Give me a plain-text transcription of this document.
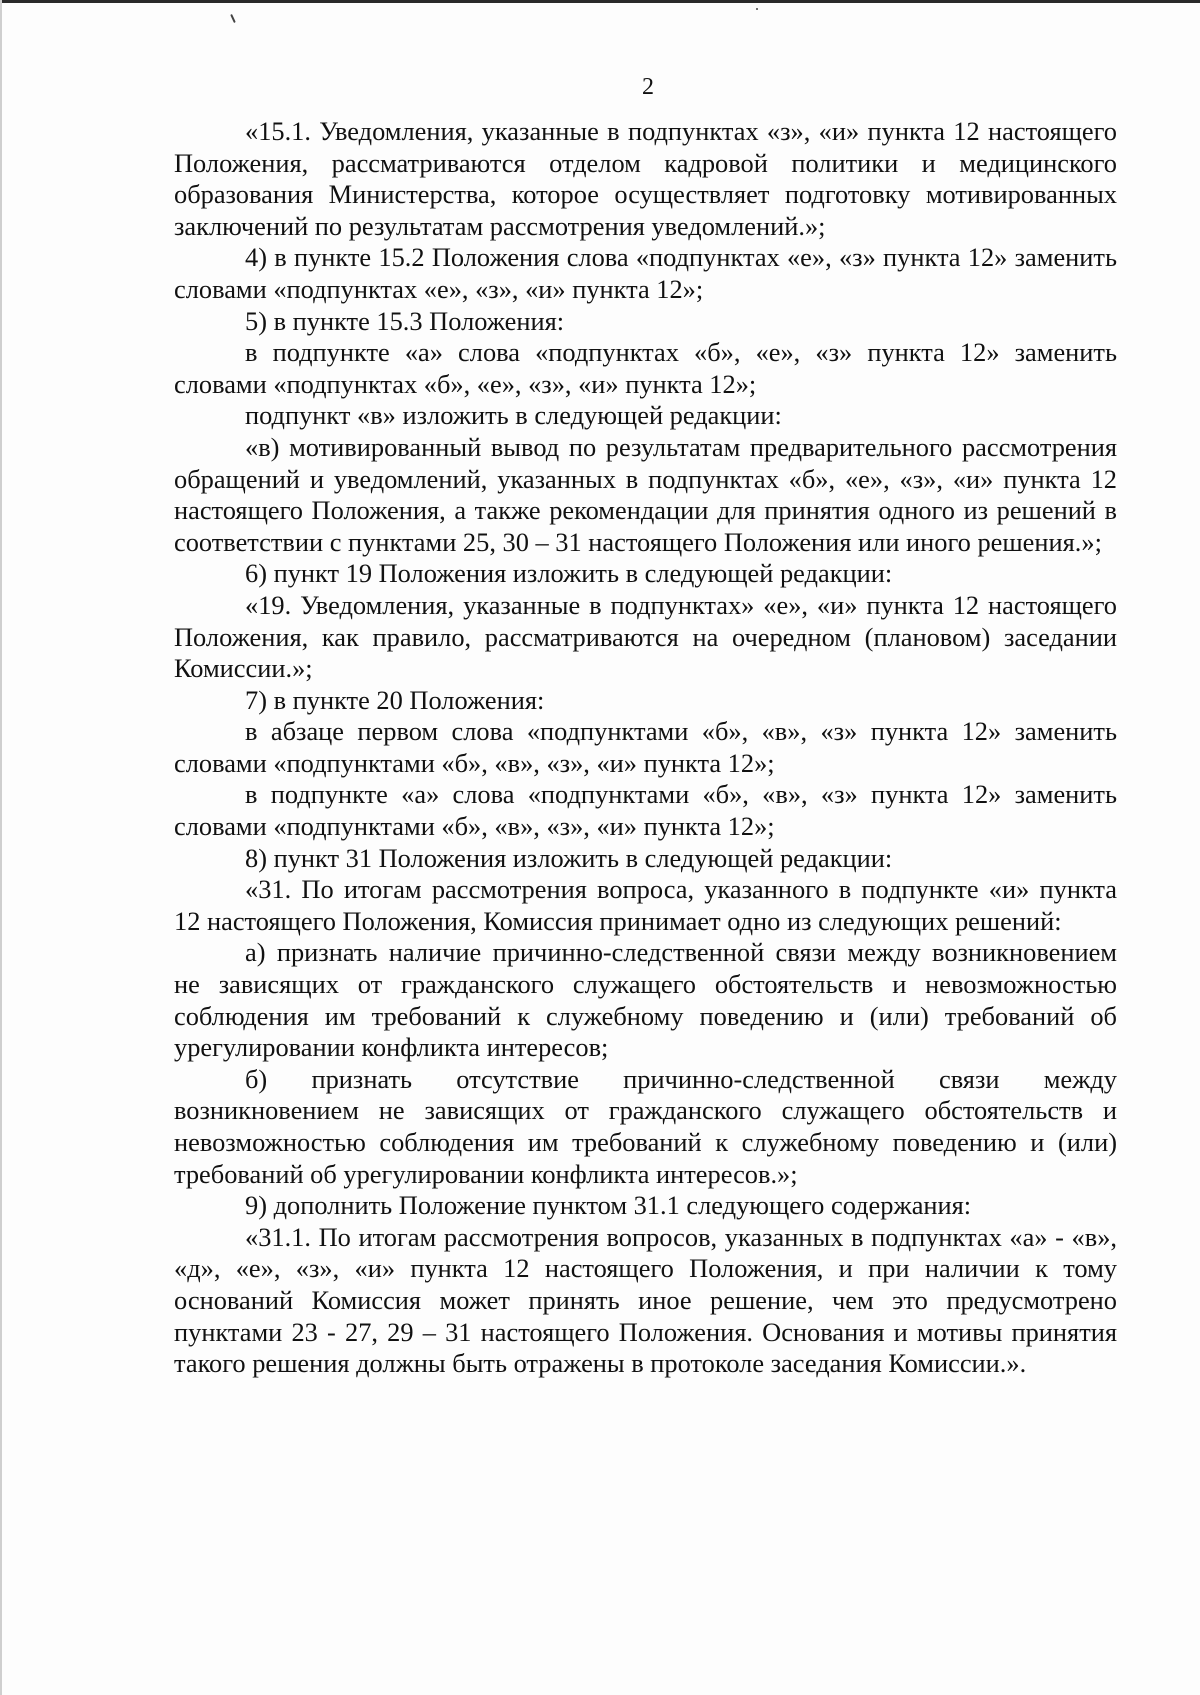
2

«15.1. Уведомления, указанные в подпунктах «з», «и» пункта 12 настоящего Положения, рассматриваются отделом кадровой политики и медицинского образования Министерства, которое осуществляет подготовку мотивированных заключений по результатам рассмотрения уведомлений.»;

4) в пункте 15.2 Положения слова «подпунктах «е», «з» пункта 12» заменить словами «подпунктах «е», «з», «и» пункта 12»;

5) в пункте 15.3 Положения:

в подпункте «а» слова «подпунктах «б», «е», «з» пункта 12» заменить словами «подпунктах «б», «е», «з», «и» пункта 12»;

подпункт «в» изложить в следующей редакции:

«в) мотивированный вывод по результатам предварительного рассмотрения обращений и уведомлений, указанных в подпунктах «б», «е», «з», «и» пункта 12 настоящего Положения, а также рекомендации для принятия одного из решений в соответствии с пунктами 25, 30 – 31 настоящего Положения или иного решения.»;

6) пункт 19 Положения изложить в следующей редакции:

«19. Уведомления, указанные в подпунктах» «е», «и» пункта 12 настоящего Положения, как правило, рассматриваются на очередном (плановом) заседании Комиссии.»;

7) в пункте 20 Положения:

в абзаце первом слова «подпунктами «б», «в», «з» пункта 12» заменить словами «подпунктами «б», «в», «з», «и» пункта 12»;

в подпункте «а» слова «подпунктами «б», «в», «з» пункта 12» заменить словами «подпунктами «б», «в», «з», «и» пункта 12»;

8) пункт 31 Положения изложить в следующей редакции:

«31. По итогам рассмотрения вопроса, указанного в подпункте «и» пункта 12 настоящего Положения, Комиссия принимает одно из следующих решений:

а) признать наличие причинно-следственной связи между возникновением не зависящих от гражданского служащего обстоятельств и невозможностью соблюдения им требований к служебному поведению и (или) требований об урегулировании конфликта интересов;

б) признать отсутствие причинно-следственной связи между возникновением не зависящих от гражданского служащего обстоятельств и невозможностью соблюдения им требований к служебному поведению и (или) требований об урегулировании конфликта интересов.»;

9) дополнить Положение пунктом 31.1 следующего содержания:

«31.1. По итогам рассмотрения вопросов, указанных в подпунктах «а» - «в», «д», «е», «з», «и» пункта 12 настоящего Положения, и при наличии к тому оснований Комиссия может принять иное решение, чем это предусмотрено пунктами 23 - 27, 29 – 31 настоящего Положения. Основания и мотивы принятия такого решения должны быть отражены в протоколе заседания Комиссии.».
